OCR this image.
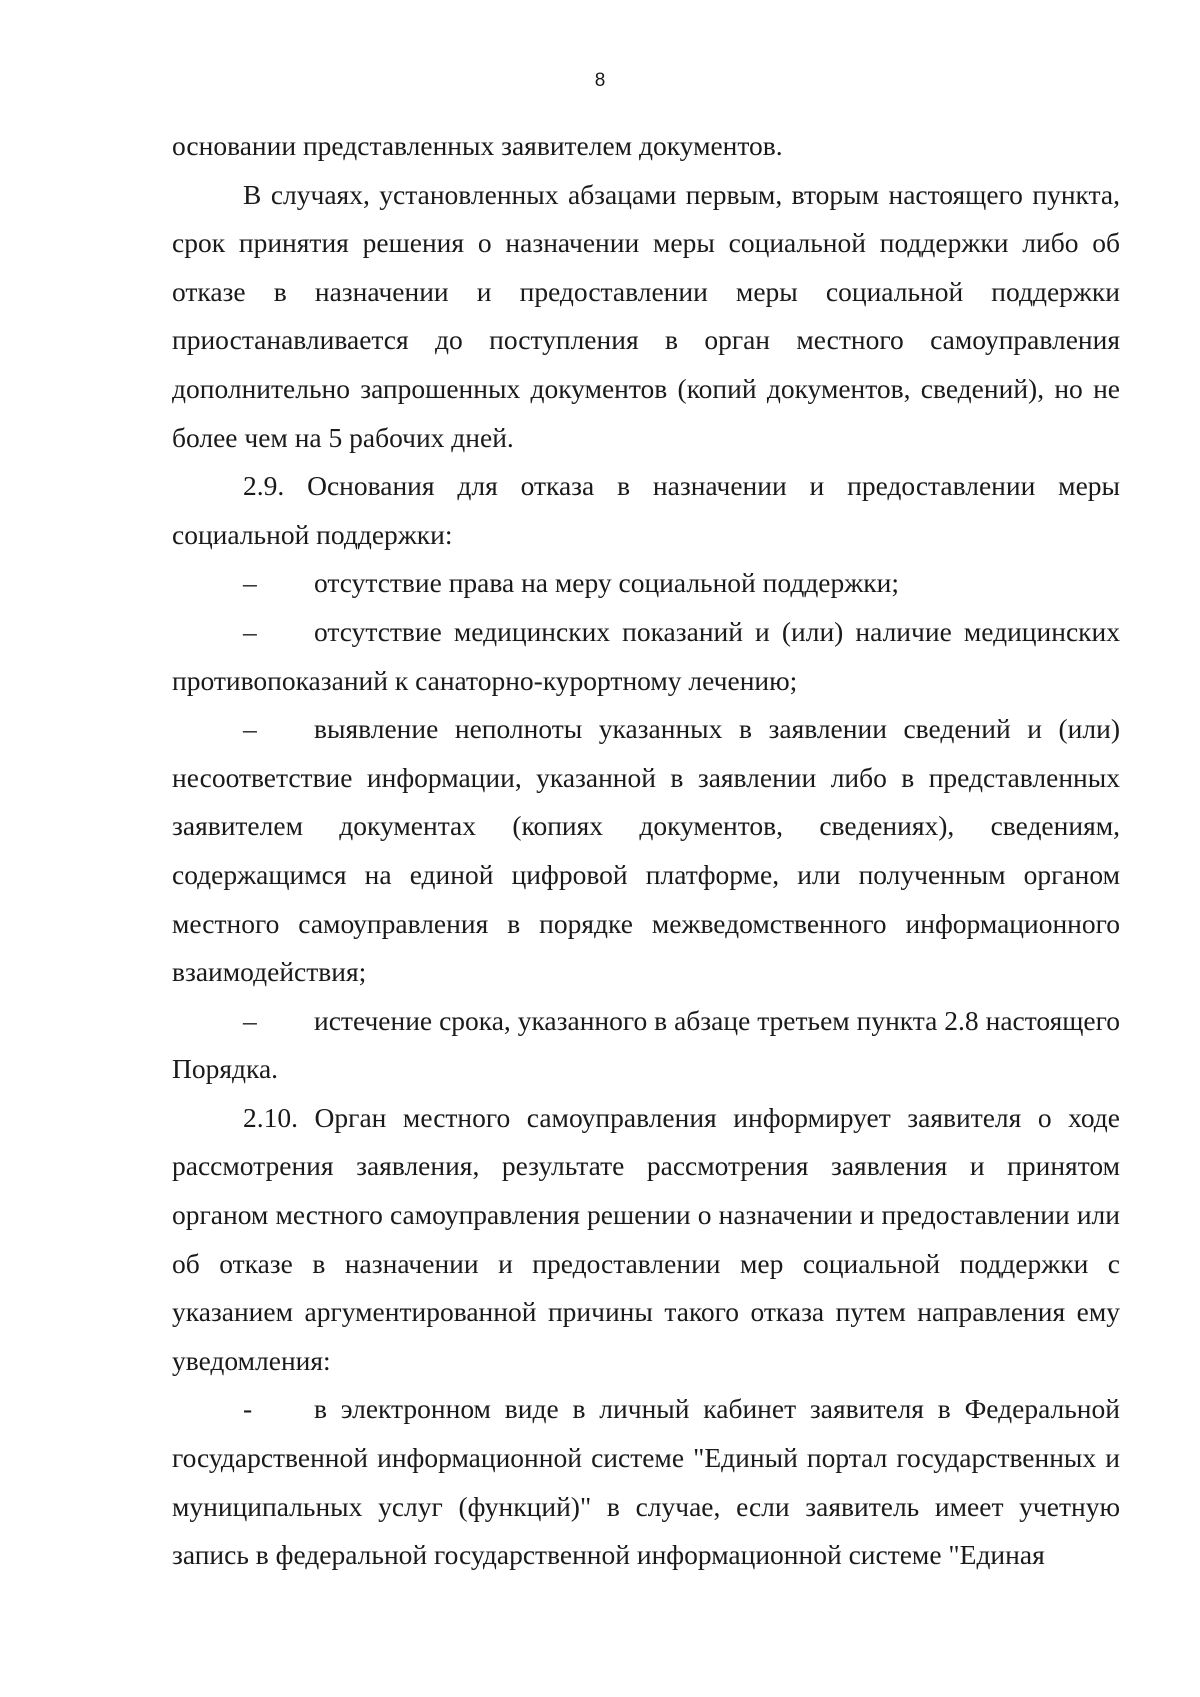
8

основании представленных заявителем документов.

В случаях, установленных абзацами первым, вторым настоящего пункта, срок принятия решения о назначении меры социальной поддержки либо об отказе в назначении и предоставлении меры социальной поддержки приостанавливается до поступления в орган местного самоуправления дополнительно запрошенных документов (копий документов, сведений), но не более чем на 5 рабочих дней.

2.9. Основания для отказа в назначении и предоставлении меры социальной поддержки:

– отсутствие права на меру социальной поддержки;

– отсутствие медицинских показаний и (или) наличие медицинских противопоказаний к санаторно-курортному лечению;

– выявление неполноты указанных в заявлении сведений и (или) несоответствие информации, указанной в заявлении либо в представленных заявителем документах (копиях документов, сведениях), сведениям, содержащимся на единой цифровой платформе, или полученным органом местного самоуправления в порядке межведомственного информационного взаимодействия;

– истечение срока, указанного в абзаце третьем пункта 2.8 настоящего Порядка.

2.10. Орган местного самоуправления информирует заявителя о ходе рассмотрения заявления, результате рассмотрения заявления и принятом органом местного самоуправления решении о назначении и предоставлении или об отказе в назначении и предоставлении мер социальной поддержки с указанием аргументированной причины такого отказа путем направления ему уведомления:

- в электронном виде в личный кабинет заявителя в Федеральной государственной информационной системе "Единый портал государственных и муниципальных услуг (функций)" в случае, если заявитель имеет учетную запись в федеральной государственной информационной системе "Единая
